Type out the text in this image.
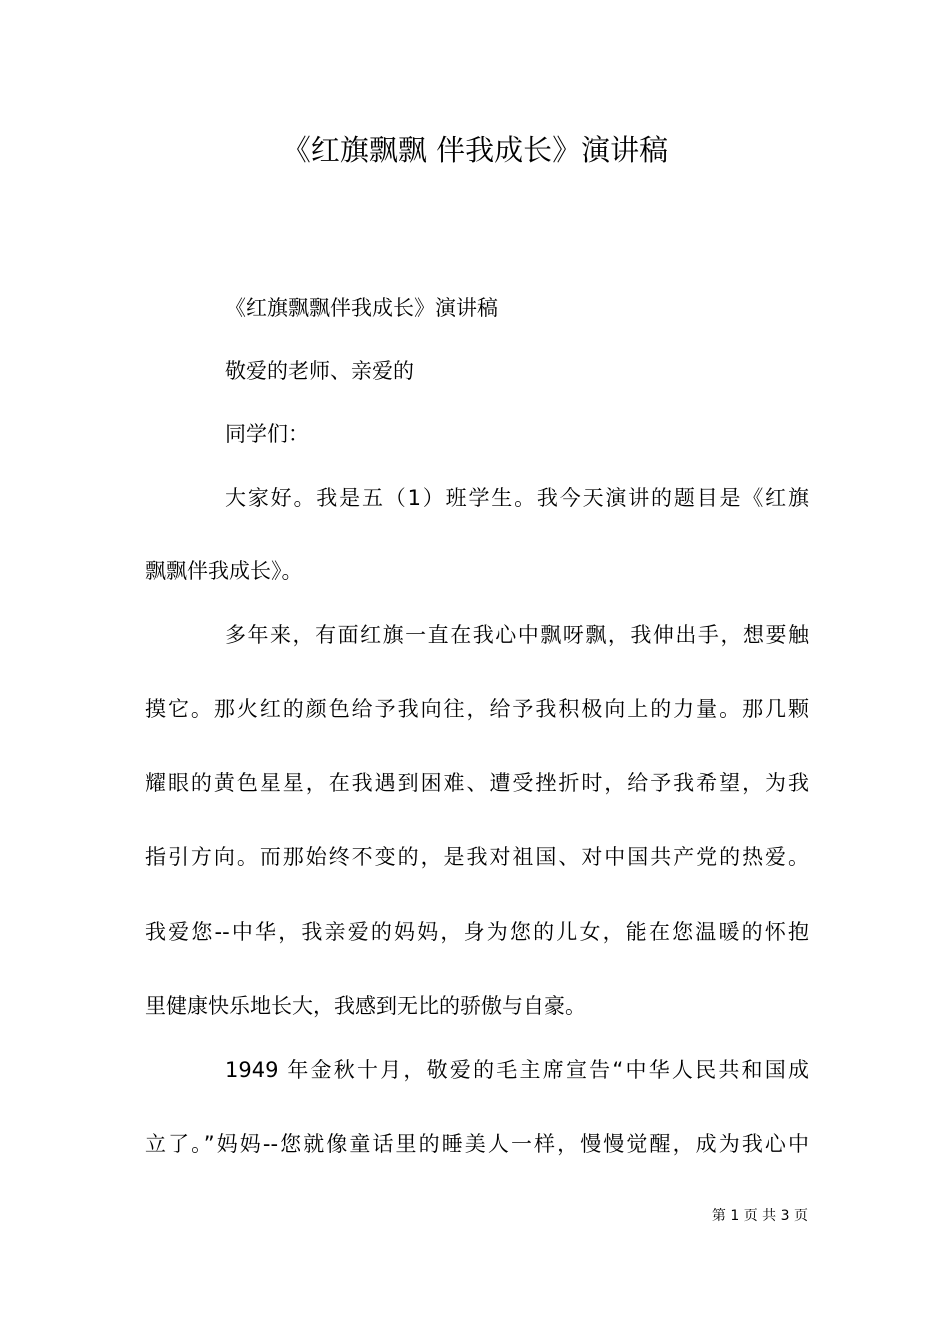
《红旗飘飘 伴我成长》演讲稿
《红旗飘飘伴我成长》演讲稿
敬爱的老师、亲爱的
同学们：
大家好。我是五（1）班学生。我今天演讲的题目是《红旗
飘飘伴我成长》。
多年来，有面红旗一直在我心中飘呀飘，我伸出手，想要触
摸它。那火红的颜色给予我向往，给予我积极向上的力量。那几颗
耀眼的黄色星星，在我遇到困难、遭受挫折时，给予我希望，为我
指引方向。而那始终不变的，是我对祖国、对中国共产党的热爱。
我爱您--中华，我亲爱的妈妈，身为您的儿女，能在您温暖的怀抱
里健康快乐地长大，我感到无比的骄傲与自豪。
1949 年金秋十月，敬爱的毛主席宣告“中华人民共和国成
立了。”妈妈--您就像童话里的睡美人一样，慢慢觉醒，成为我心中
第 1 页 共 3 页
